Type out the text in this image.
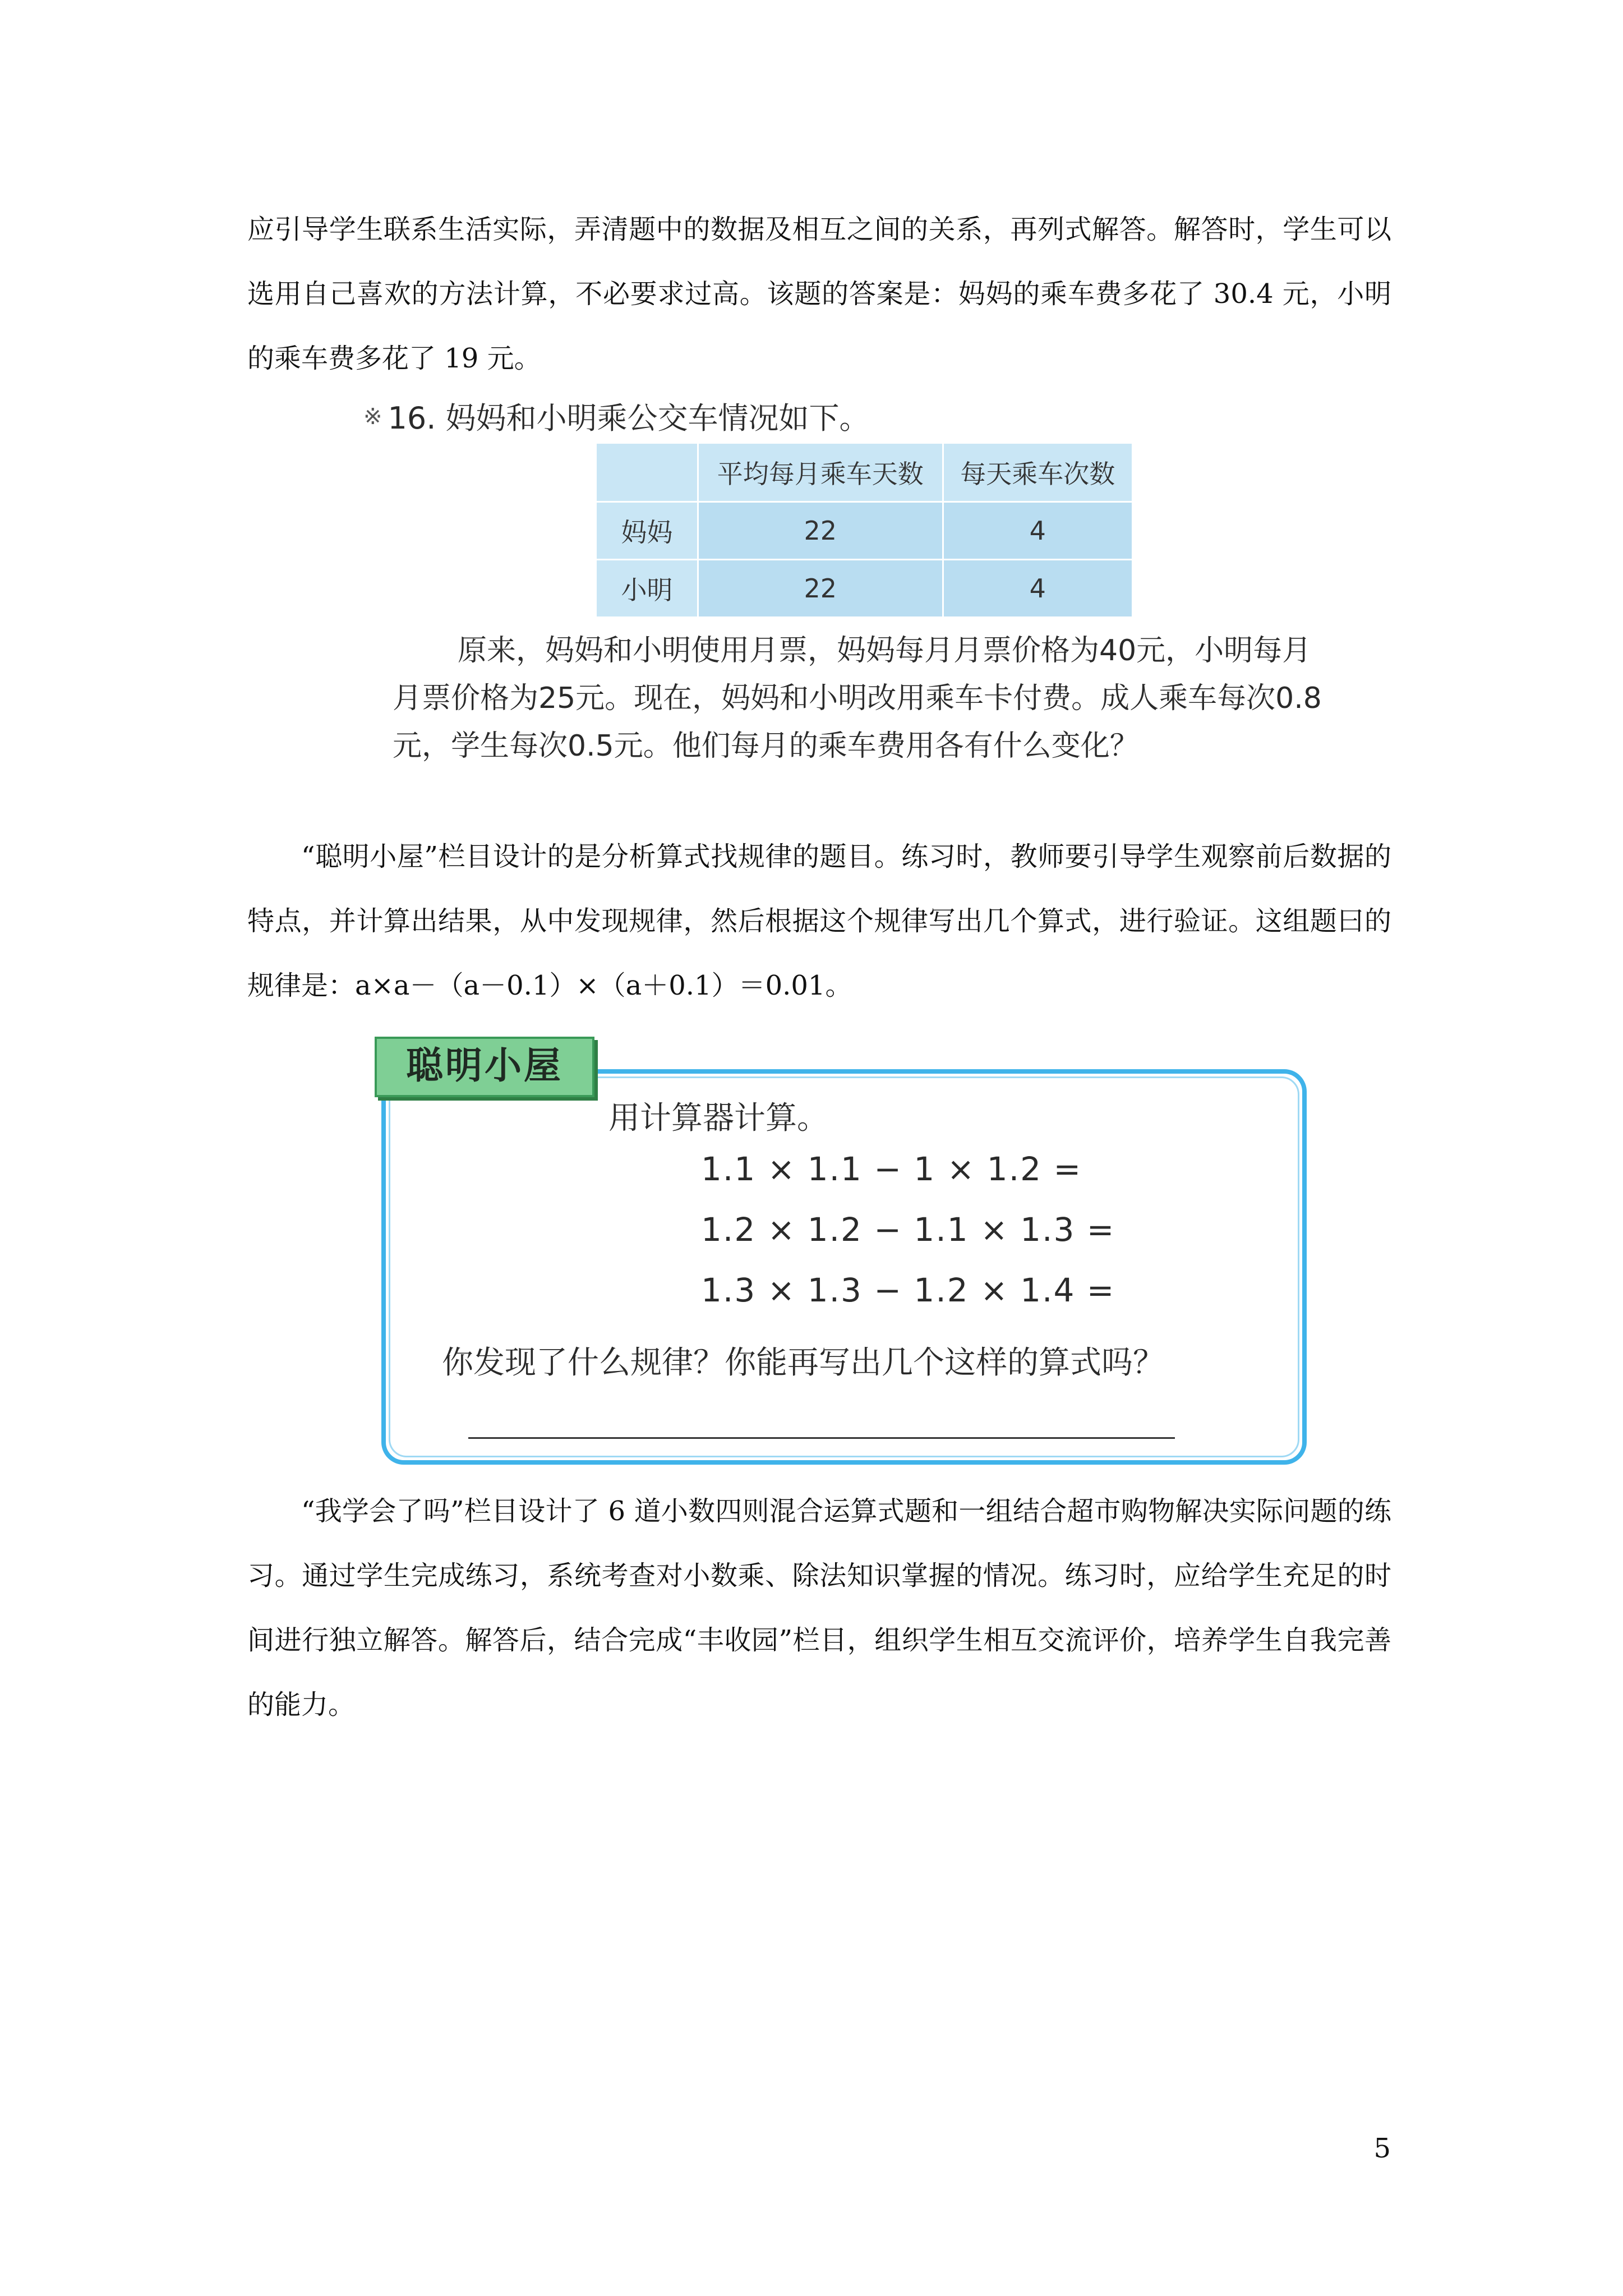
应引导学生联系生活实际，弄清题中的数据及相互之间的关系，再列式解答。解答时，学生可以选用自己喜欢的方法计算，不必要求过高。该题的答案是：妈妈的乘车费多花了 30.4 元，小明的乘车费多花了 19 元。

※ 16. 妈妈和小明乘公交车情况如下。
	平均每月乘车天数	每天乘车次数
妈妈	22	4
小明	22	4

原来，妈妈和小明使用月票，妈妈每月月票价格为40元，小明每月月票价格为25元。现在，妈妈和小明改用乘车卡付费。成人乘车每次0.8元，学生每次0.5元。他们每月的乘车费用各有什么变化？

“聪明小屋”栏目设计的是分析算式找规律的题目。练习时，教师要引导学生观察前后数据的特点，并计算出结果，从中发现规律，然后根据这个规律写出几个算式，进行验证。这组题曰的规律是：a×a－（a－0.1）×（a＋0.1）＝0.01。

聪明小屋
用计算器计算。
1.1 × 1.1 − 1 × 1.2 =
1.2 × 1.2 − 1.1 × 1.3 =
1.3 × 1.3 − 1.2 × 1.4 =
你发现了什么规律？你能再写出几个这样的算式吗？

“我学会了吗”栏目设计了 6 道小数四则混合运算式题和一组结合超市购物解决实际问题的练习。通过学生完成练习，系统考查对小数乘、除法知识掌握的情况。练习时，应给学生充足的时间进行独立解答。解答后，结合完成“丰收园”栏目，组织学生相互交流评价，培养学生自我完善的能力。

5
